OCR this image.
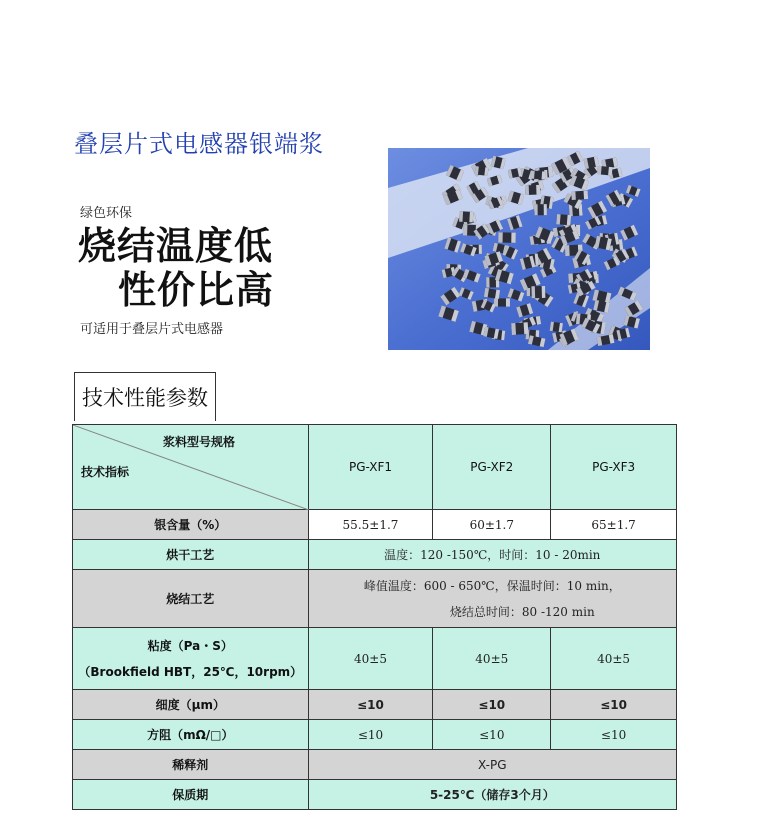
叠层片式电感器银端浆
绿色环保
烧结温度低
性价比高
可适用于叠层片式电感器
技术性能参数
浆料型号规格
技术指标	PG-XF1	PG-XF2	PG-XF3
银含量（%）	55.5±1.7	60±1.7	65±1.7
烘干工艺	温度：120 -150℃，时间：10 - 20min		
烧结工艺	峰值温度：600 - 650℃，保温时间：10 min，
烧结总时间：80 -120 min		

粘度（Pa・S）
（Brookfield HBT，25℃，10rpm）	40±5	40±5	40±5
细度（μm）	≤10	≤10	≤10
方阻（mΩ/□）	≤10	≤10	≤10
稀释剂	X-PG		
保质期	5-25℃（储存3个月）		
